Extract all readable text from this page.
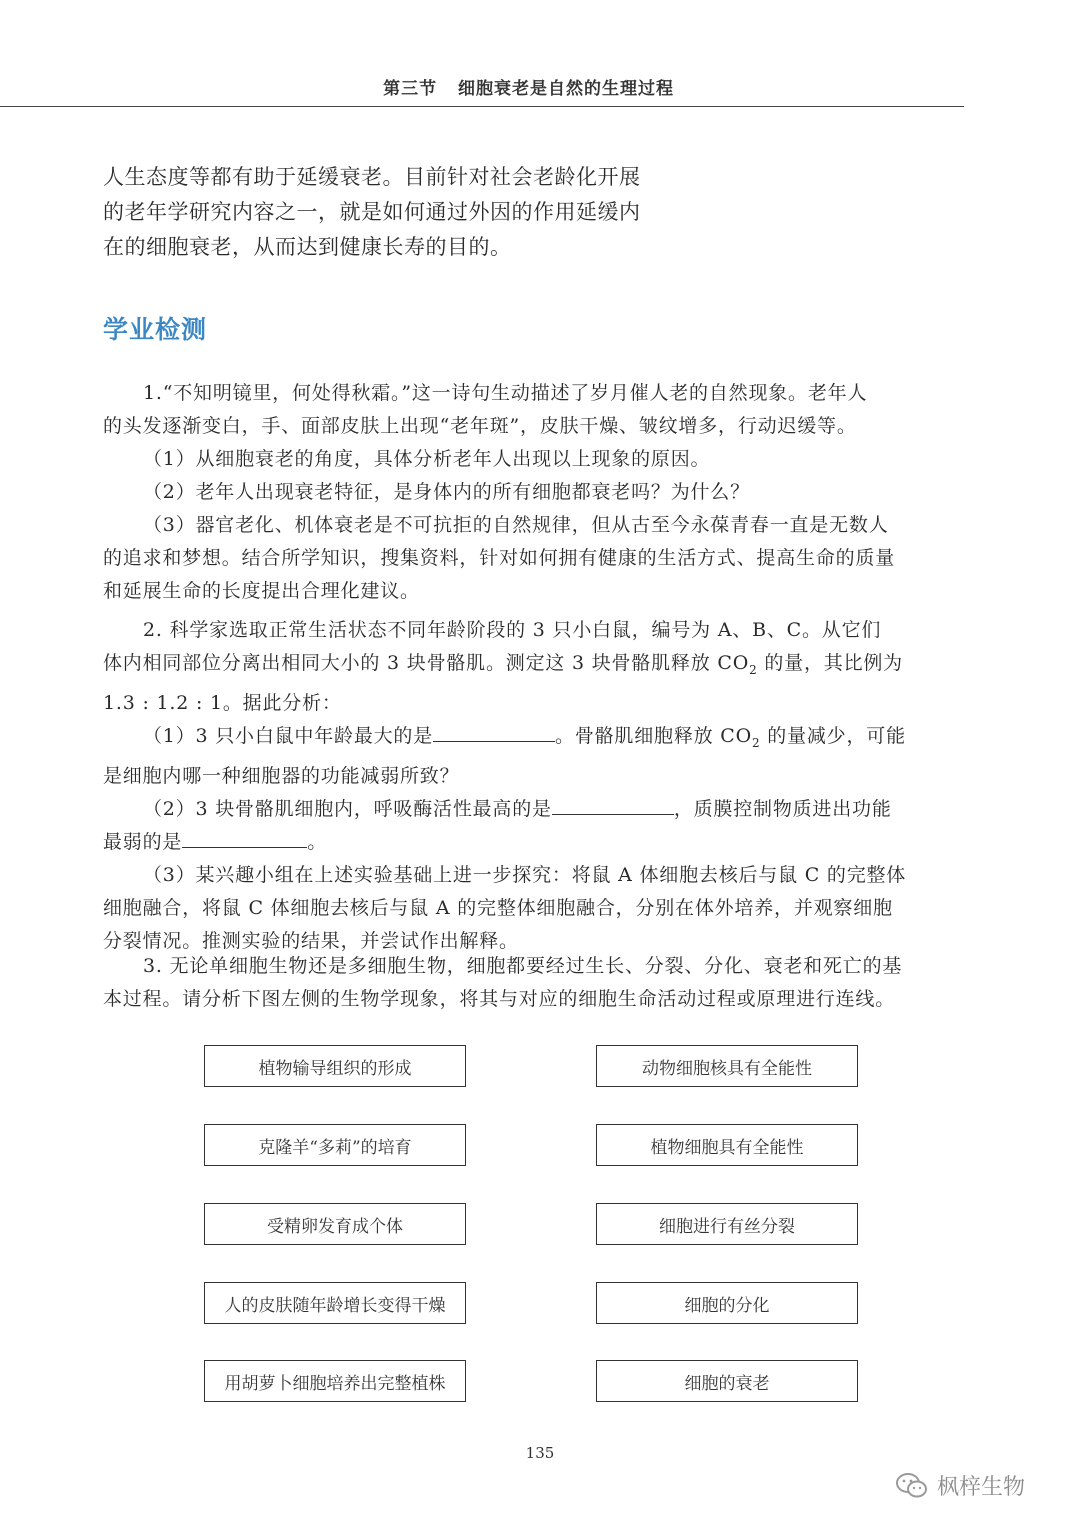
第三节 细胞衰老是自然的生理过程

人生态度等都有助于延缓衰老。目前针对社会老龄化开展

的老年学研究内容之一，就是如何通过外因的作用延缓内

在的细胞衰老，从而达到健康长寿的目的。

学业检测

1.“不知明镜里，何处得秋霜。”这一诗句生动描述了岁月催人老的自然现象。老年人

的头发逐渐变白，手、面部皮肤上出现“老年斑”，皮肤干燥、皱纹增多，行动迟缓等。

（1）从细胞衰老的角度，具体分析老年人出现以上现象的原因。

（2）老年人出现衰老特征，是身体内的所有细胞都衰老吗？为什么？

（3）器官老化、机体衰老是不可抗拒的自然规律，但从古至今永葆青春一直是无数人

的追求和梦想。结合所学知识，搜集资料，针对如何拥有健康的生活方式、提高生命的质量

和延展生命的长度提出合理化建议。

2. 科学家选取正常生活状态不同年龄阶段的 3 只小白鼠，编号为 A、B、C。从它们

体内相同部位分离出相同大小的 3 块骨骼肌。测定这 3 块骨骼肌释放 $CO_2$ 的量，其比例为

1.3 : 1.2 : 1。据此分析：

（1）3 只小白鼠中年龄最大的是	。骨骼肌细胞释放 $CO_2$ 的量减少，可能

是细胞内哪一种细胞器的功能减弱所致？

（2）3 块骨骼肌细胞内，呼吸酶活性最高的是	，质膜控制物质进出功能

最弱的是	。

（3）某兴趣小组在上述实验基础上进一步探究：将鼠 A 体细胞去核后与鼠 C 的完整体

细胞融合，将鼠 C 体细胞去核后与鼠 A 的完整体细胞融合，分别在体外培养，并观察细胞

分裂情况。推测实验的结果，并尝试作出解释。

3. 无论单细胞生物还是多细胞生物，细胞都要经过生长、分裂、分化、衰老和死亡的基

本过程。请分析下图左侧的生物学现象，将其与对应的细胞生命活动过程或原理进行连线。

植物输导组织的形成
克隆羊“多莉”的培育
受精卵发育成个体
人的皮肤随年龄增长变得干燥
用胡萝卜细胞培养出完整植株
动物细胞核具有全能性
植物细胞具有全能性
细胞进行有丝分裂
细胞的分化
细胞的衰老
135
枫梓生物
